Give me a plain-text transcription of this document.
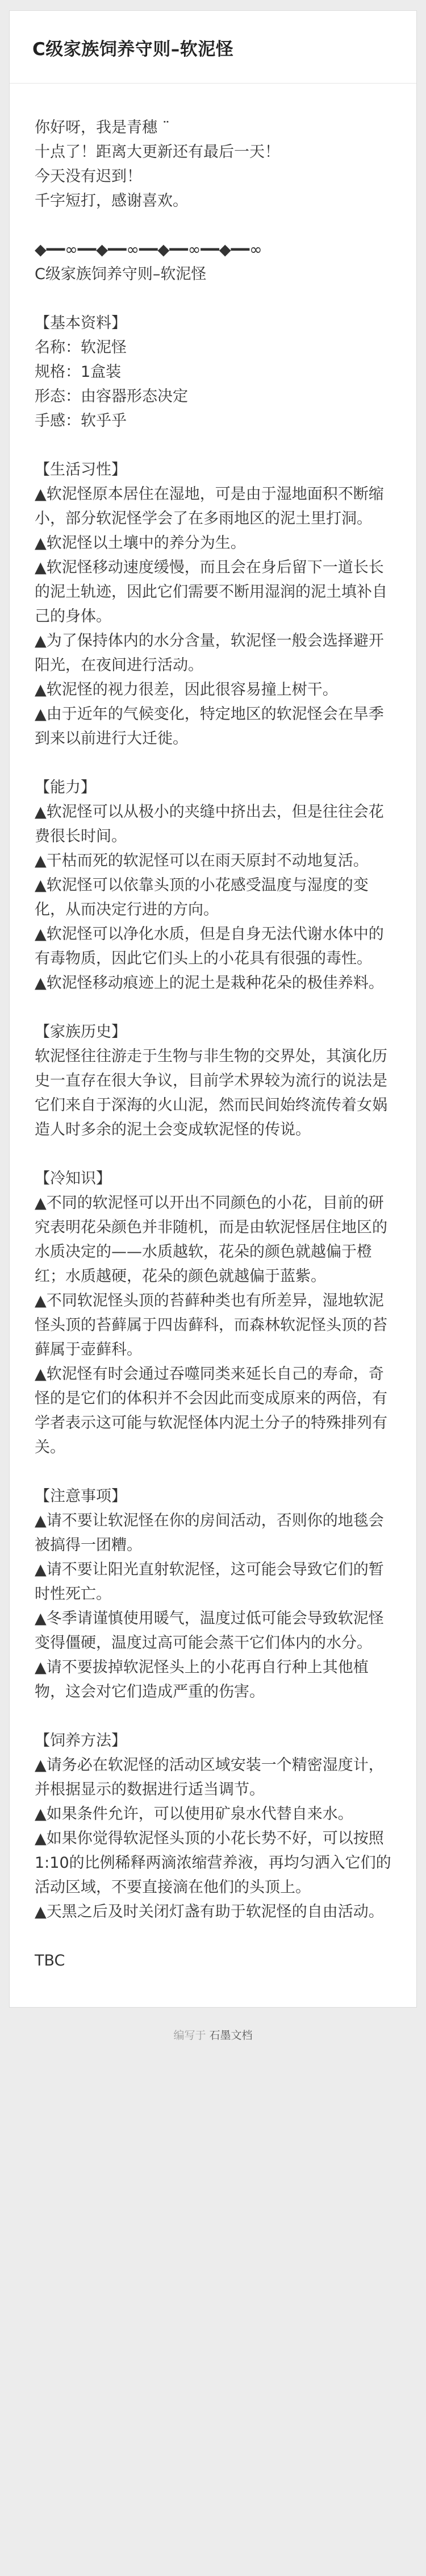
C级家族饲养守则–软泥怪
你好呀，我是青穗 ¨
十点了！距离大更新还有最后一天！
今天没有迟到！
千字短打，感谢喜欢。
◆━━∞━━◆━━∞━━◆━━∞━━◆━━∞
C级家族饲养守则–软泥怪
【基本资料】
名称：软泥怪
规格：1盒装
形态：由容器形态决定
手感：软乎乎
【生活习性】
▲软泥怪原本居住在湿地，可是由于湿地面积不断缩小，部分软泥怪学会了在多雨地区的泥土里打洞。
▲软泥怪以土壤中的养分为生。
▲软泥怪移动速度缓慢，而且会在身后留下一道长长的泥土轨迹，因此它们需要不断用湿润的泥土填补自己的身体。
▲为了保持体内的水分含量，软泥怪一般会选择避开阳光，在夜间进行活动。
▲软泥怪的视力很差，因此很容易撞上树干。
▲由于近年的气候变化，特定地区的软泥怪会在旱季到来以前进行大迁徙。
【能力】
▲软泥怪可以从极小的夹缝中挤出去，但是往往会花费很长时间。
▲干枯而死的软泥怪可以在雨天原封不动地复活。
▲软泥怪可以依靠头顶的小花感受温度与湿度的变化，从而决定行进的方向。
▲软泥怪可以净化水质，但是自身无法代谢水体中的有毒物质，因此它们头上的小花具有很强的毒性。
▲软泥怪移动痕迹上的泥土是栽种花朵的极佳养料。
【家族历史】
软泥怪往往游走于生物与非生物的交界处，其演化历史一直存在很大争议，目前学术界较为流行的说法是它们来自于深海的火山泥，然而民间始终流传着女娲造人时多余的泥土会变成软泥怪的传说。
【冷知识】
▲不同的软泥怪可以开出不同颜色的小花，目前的研究表明花朵颜色并非随机，而是由软泥怪居住地区的水质决定的——水质越软，花朵的颜色就越偏于橙红；水质越硬，花朵的颜色就越偏于蓝紫。
▲不同软泥怪头顶的苔藓种类也有所差异，湿地软泥怪头顶的苔藓属于四齿藓科，而森林软泥怪头顶的苔藓属于壶藓科。
▲软泥怪有时会通过吞噬同类来延长自己的寿命，奇怪的是它们的体积并不会因此而变成原来的两倍，有学者表示这可能与软泥怪体内泥土分子的特殊排列有关。
【注意事项】
▲请不要让软泥怪在你的房间活动，否则你的地毯会被搞得一团糟。
▲请不要让阳光直射软泥怪，这可能会导致它们的暂时性死亡。
▲冬季请谨慎使用暖气，温度过低可能会导致软泥怪变得僵硬，温度过高可能会蒸干它们体内的水分。
▲请不要拔掉软泥怪头上的小花再自行种上其他植物，这会对它们造成严重的伤害。
【饲养方法】
▲请务必在软泥怪的活动区域安装一个精密湿度计，并根据显示的数据进行适当调节。
▲如果条件允许，可以使用矿泉水代替自来水。
▲如果你觉得软泥怪头顶的小花长势不好，可以按照1:10的比例稀释两滴浓缩营养液，再均匀洒入它们的活动区域，不要直接滴在他们的头顶上。
▲天黑之后及时关闭灯盏有助于软泥怪的自由活动。
TBC
编写于 石墨文档
